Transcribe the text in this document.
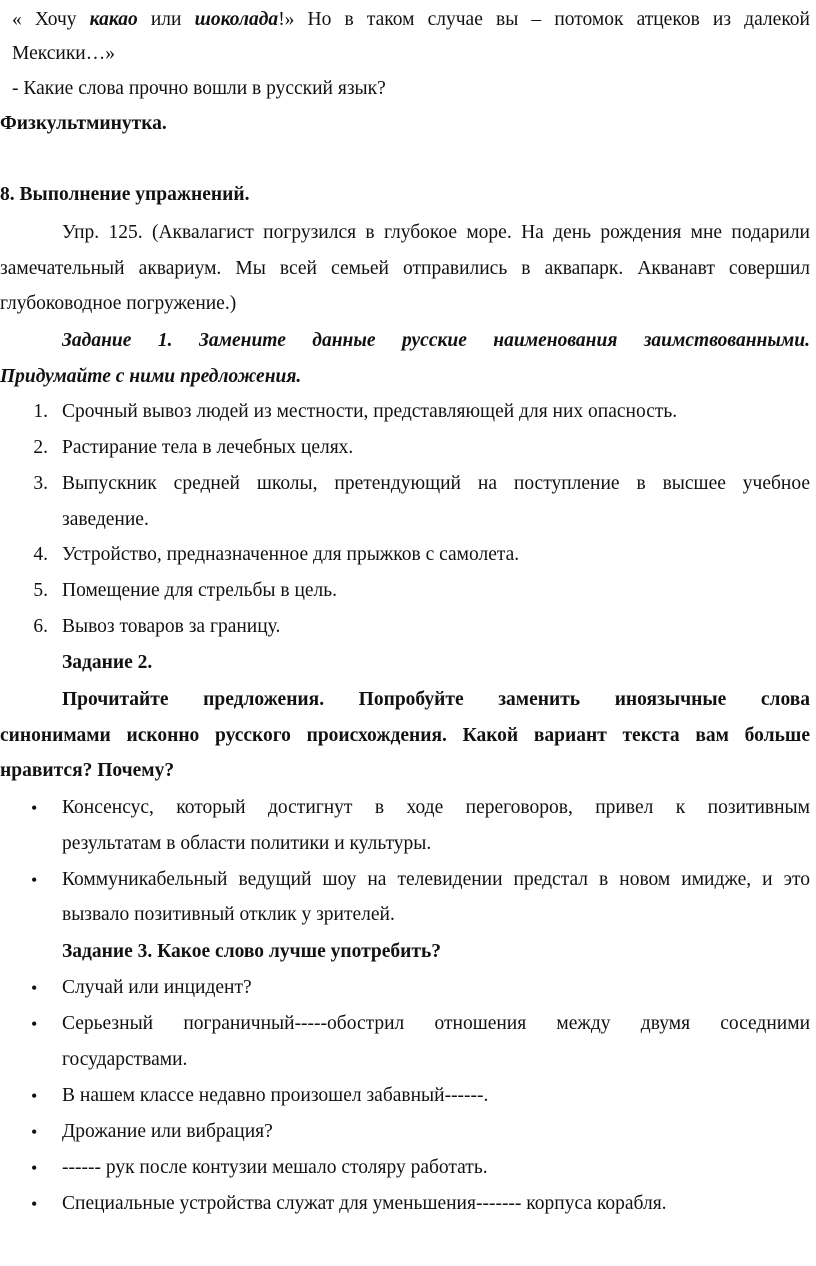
« Хочу какао или шоколада!» Но в таком случае вы – потомок атцеков из далекой
Мексики…»
- Какие слова прочно вошли в русский язык?
Физкультминутка.
8. Выполнение упражнений.
Упр. 125. (Аквалагист погрузился в глубокое море. На день рождения мне подарили
замечательный аквариум. Мы всей семьей отправились в аквапарк. Акванавт совершил
глубоководное погружение.)
Задание 1. Замените данные русские наименования заимствованными.
Придумайте с ними предложения.
1. Срочный вывоз людей из местности, представляющей для них опасность.
2. Растирание тела в лечебных целях.
3. Выпускник средней школы, претендующий на поступление в высшее учебное
заведение.
4. Устройство, предназначенное для прыжков с самолета.
5. Помещение для стрельбы в цель.
6. Вывоз товаров за границу.
Задание 2.
Прочитайте предложения. Попробуйте заменить иноязычные слова
синонимами исконно русского происхождения. Какой вариант текста вам больше
нравится? Почему?
• Консенсус, который достигнут в ходе переговоров, привел к позитивным
результатам в области политики и культуры.
• Коммуникабельный ведущий шоу на телевидении предстал в новом имидже, и это
вызвало позитивный отклик у зрителей.
Задание 3. Какое слово лучше употребить?
• Случай или инцидент?
• Серьезный пограничный-----обострил отношения между двумя соседними
государствами.
• В нашем классе недавно произошел забавный------.
• Дрожание или вибрация?
• ------ рук после контузии мешало столяру работать.
• Специальные устройства служат для уменьшения------- корпуса корабля.
